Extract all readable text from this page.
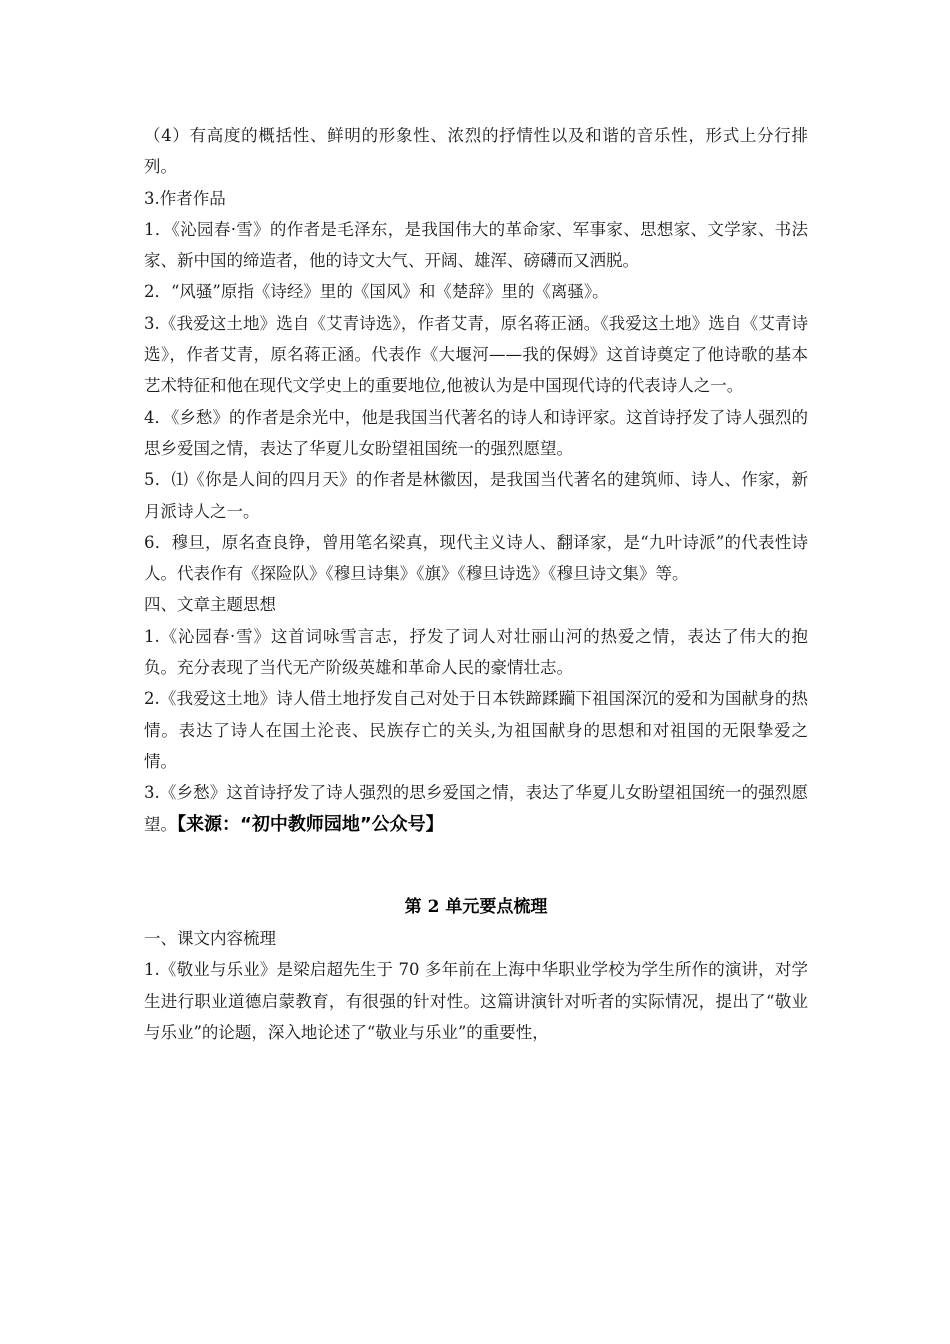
（4）有高度的概括性、鲜明的形象性、浓烈的抒情性以及和谐的音乐性，形式上分行排列。

3.作者作品

1．《沁园春·雪》的作者是毛泽东，是我国伟大的革命家、军事家、思想家、文学家、书法家、新中国的缔造者，他的诗文大气、开阔、雄浑、磅礴而又洒脱。

2．“风骚”原指《诗经》里的《国风》和《楚辞》里的《离骚》。

3.《我爱这土地》选自《艾青诗选》，作者艾青，原名蒋正涵。《我爱这土地》选自《艾青诗选》，作者艾青，原名蒋正涵。代表作《大堰河——我的保姆》这首诗奠定了他诗歌的基本艺术特征和他在现代文学史上的重要地位,他被认为是中国现代诗的代表诗人之一。

4．《乡愁》的作者是余光中，他是我国当代著名的诗人和诗评家。这首诗抒发了诗人强烈的思乡爱国之情，表达了华夏儿女盼望祖国统一的强烈愿望。

5．⑴《你是人间的四月天》的作者是林徽因，是我国当代著名的建筑师、诗人、作家，新月派诗人之一。

6．穆旦，原名查良铮，曾用笔名梁真，现代主义诗人、翻译家，是“九叶诗派”的代表性诗人。代表作有《探险队》《穆旦诗集》《旗》《穆旦诗选》《穆旦诗文集》等。

四、文章主题思想

1.《沁园春·雪》这首词咏雪言志，抒发了词人对壮丽山河的热爱之情，表达了伟大的抱负。充分表现了当代无产阶级英雄和革命人民的豪情壮志。

2.《我爱这土地》诗人借土地抒发自己对处于日本铁蹄蹂躏下祖国深沉的爱和为国献身的热情。表达了诗人在国土沦丧、民族存亡的关头,为祖国献身的思想和对祖国的无限挚爱之情。

3.《乡愁》这首诗抒发了诗人强烈的思乡爱国之情，表达了华夏儿女盼望祖国统一的强烈愿望。【来源：“初中教师园地”公众号】

第 2 单元要点梳理

一、课文内容梳理

1.《敬业与乐业》是梁启超先生于 70 多年前在上海中华职业学校为学生所作的演讲，对学生进行职业道德启蒙教育，有很强的针对性。这篇讲演针对听者的实际情况，提出了“敬业与乐业”的论题，深入地论述了“敬业与乐业”的重要性，
